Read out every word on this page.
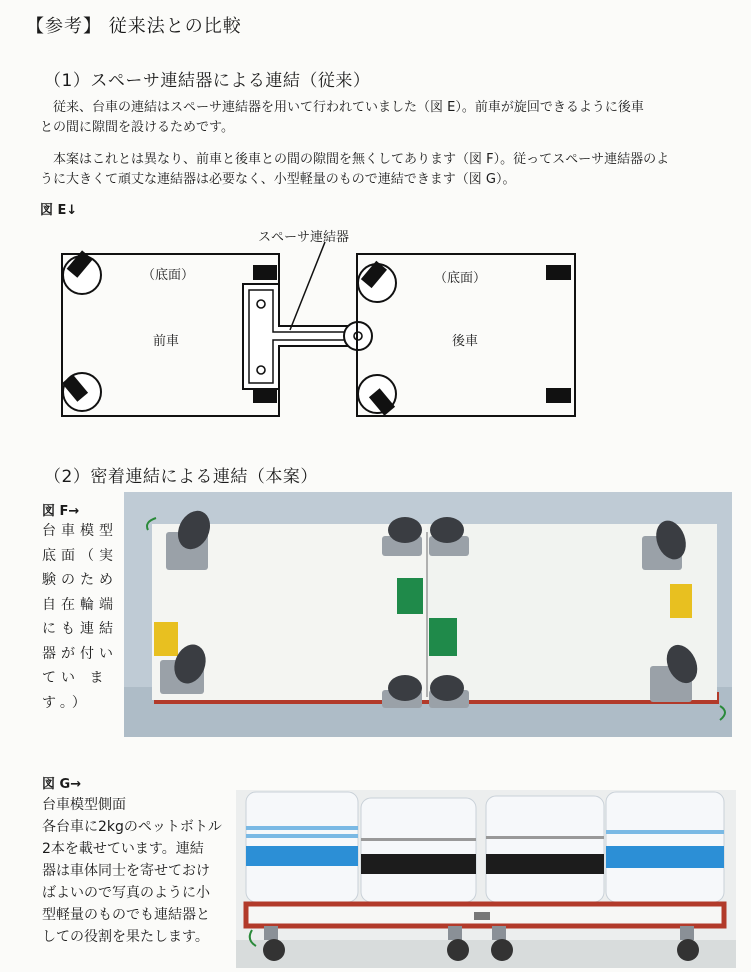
【参考】 従来法との比較
（1）スペーサ連結器による連結（従来）
　従来、台車の連結はスペーサ連結器を用いて行われていました（図 E）。前車が旋回できるように後車
との間に隙間を設けるためです。
　本案はこれとは異なり、前車と後車との間の隙間を無くしてあります（図 F）。従ってスペーサ連結器のよ
うに大きくて頑丈な連結器は必要なく、小型軽量のもので連結できます（図 G）。
図 E↓
スペーサ連結器
（底面）
前車
（底面）
後車
（2）密着連結による連結（本案）
図 F→
台車模型
底面（実
験のため
自在輪端
にも連結
器が付い
てい ま
す。）
図 G→
台車模型側面
各台車に2kgのペットボトル
2本を載せています。連結
器は車体同士を寄せておけ
ばよいので写真のように小
型軽量のものでも連結器と
しての役割を果たします。
